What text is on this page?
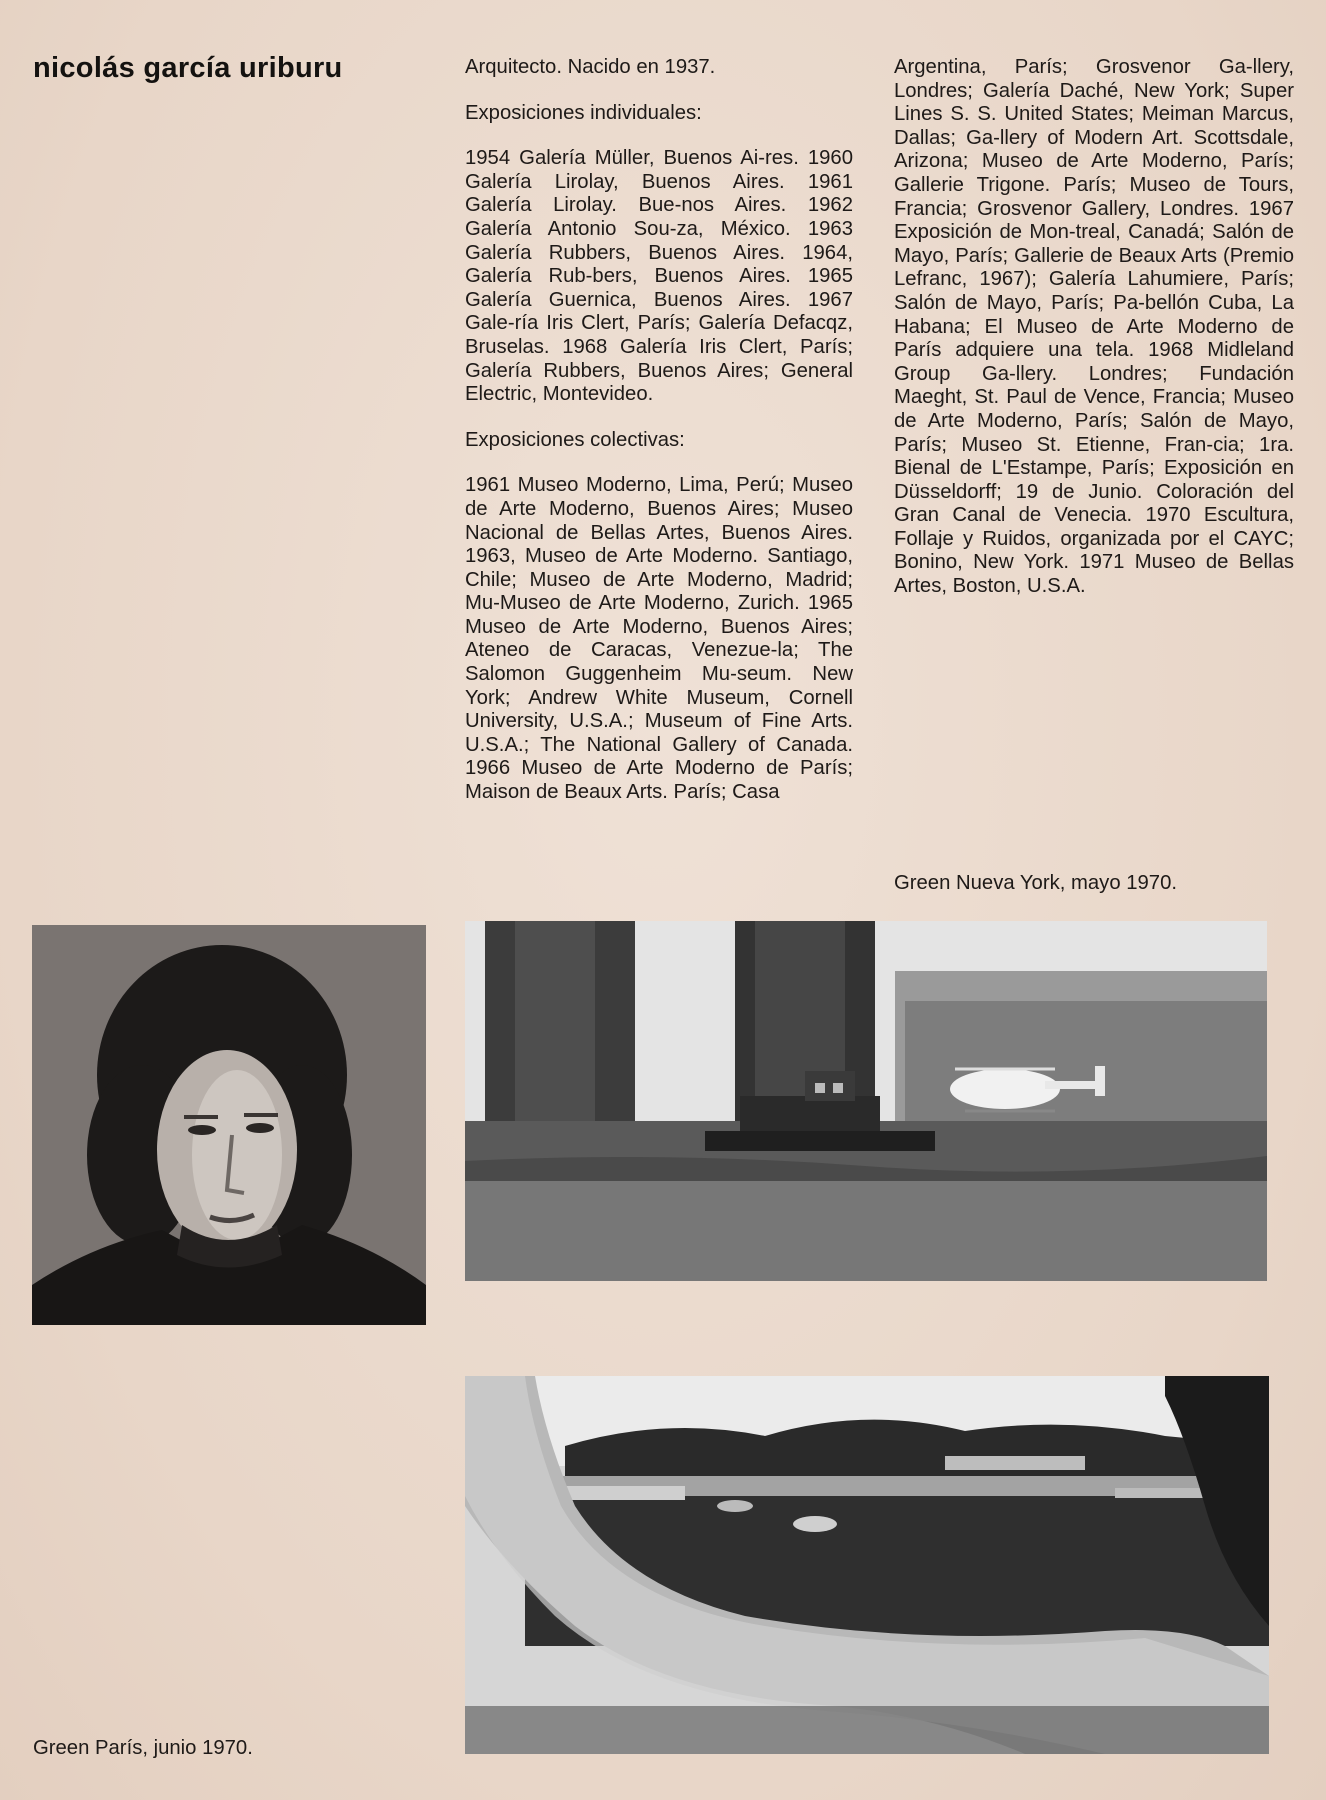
nicolás garcía uriburu	Arquitecto. Nacido en 1937.

Exposiciones individuales:

1954 Galería Müller, Buenos Ai-res. 1960 Galería Lirolay, Buenos Aires. 1961 Galería Lirolay. Bue-nos Aires. 1962 Galería Antonio Sou-za, México. 1963 Galería Rubbers, Buenos Aires. 1964, Galería Rub-bers, Buenos Aires. 1965 Galería Guernica, Buenos Aires. 1967 Gale-ría Iris Clert, París; Galería Defacqz, Bruselas. 1968 Galería Iris Clert, París; Galería Rubbers, Buenos Aires; General Electric, Montevideo.

Exposiciones colectivas:

1961 Museo Moderno, Lima, Perú; Museo de Arte Moderno, Buenos Aires; Museo Nacional de Bellas Artes, Buenos Aires. 1963, Museo de Arte Moderno. Santiago, Chile; Museo de Arte Moderno, Madrid; Mu-Museo de Arte Moderno, Zurich. 1965 Museo de Arte Moderno, Buenos Aires; Ateneo de Caracas, Venezue-la; The Salomon Guggenheim Mu-seum. New York; Andrew White Museum, Cornell University, U.S.A.; Museum of Fine Arts. U.S.A.; The National Gallery of Canada. 1966 Museo de Arte Moderno de París; Maison de Beaux Arts. París; Casa

Argentina, París; Grosvenor Ga-llery, Londres; Galería Daché, New York; Super Lines S. S. United States; Meiman Marcus, Dallas; Ga-llery of Modern Art. Scottsdale, Arizona; Museo de Arte Moderno, París; Gallerie Trigone. París; Museo de Tours, Francia; Grosvenor Gallery, Londres. 1967 Exposición de Mon-treal, Canadá; Salón de Mayo, París; Gallerie de Beaux Arts (Premio Lefranc, 1967); Galería Lahumiere, París; Salón de Mayo, París; Pa-bellón Cuba, La Habana; El Museo de Arte Moderno de París adquiere una tela. 1968 Midleland Group Ga-llery. Londres; Fundación Maeght, St. Paul de Vence, Francia; Museo de Arte Moderno, París; Salón de Mayo, París; Museo St. Etienne, Fran-cia; 1ra. Bienal de L'Estampe, París; Exposición en Düsseldorff; 19 de Junio. Coloración del Gran Canal de Venecia. 1970 Escultura, Follaje y Ruidos, organizada por el CAYC; Bonino, New York. 1971 Museo de Bellas Artes, Boston, U.S.A.

Green Nueva York, mayo 1970.

Green París, junio 1970.
